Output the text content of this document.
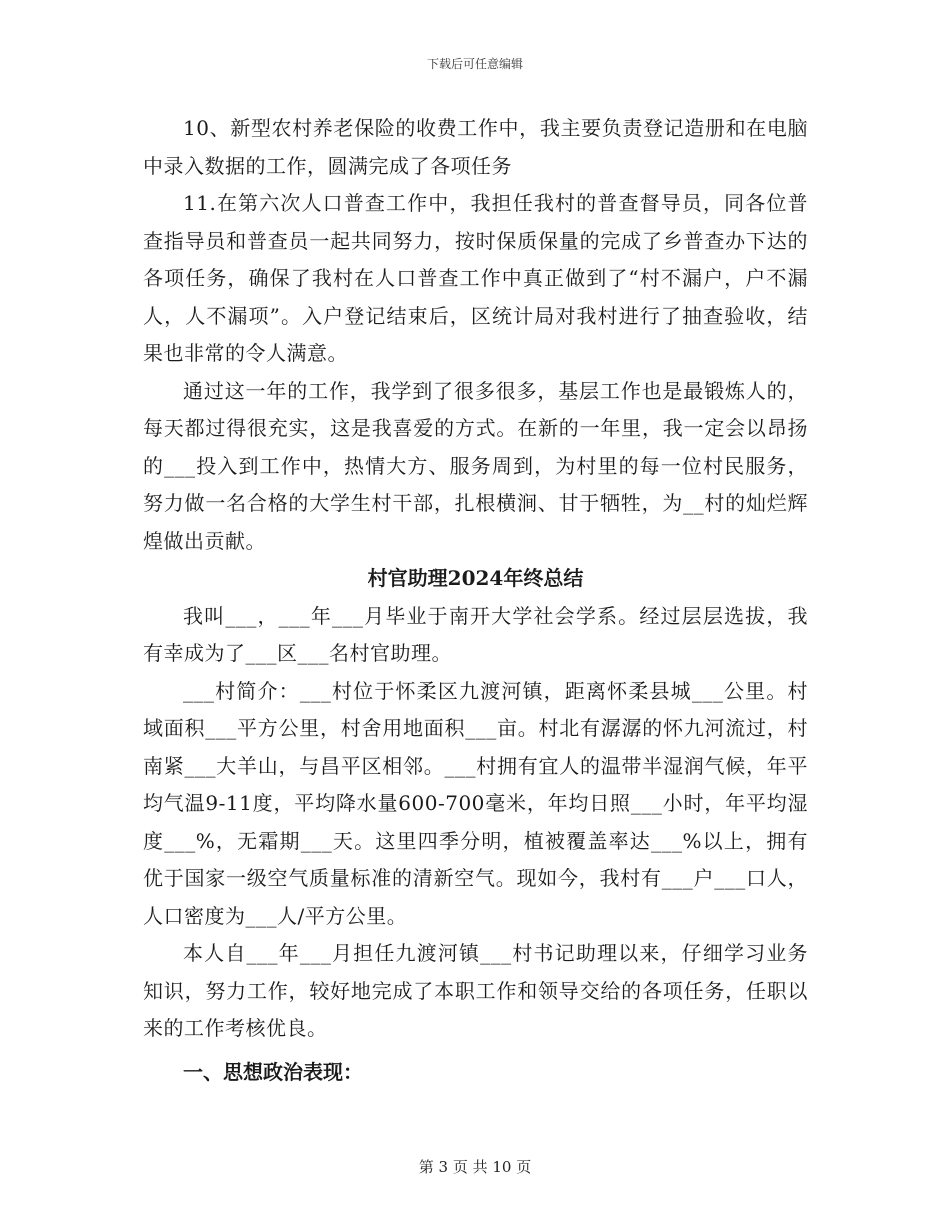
下载后可任意编辑

10、新型农村养老保险的收费工作中，我主要负责登记造册和在电脑中录入数据的工作，圆满完成了各项任务

11.在第六次人口普查工作中，我担任我村的普查督导员，同各位普查指导员和普查员一起共同努力，按时保质保量的完成了乡普查办下达的各项任务，确保了我村在人口普查工作中真正做到了“村不漏户，户不漏人，人不漏项”。入户登记结束后，区统计局对我村进行了抽查验收，结果也非常的令人满意。

通过这一年的工作，我学到了很多很多，基层工作也是最锻炼人的，每天都过得很充实，这是我喜爱的方式。在新的一年里，我一定会以昂扬的___投入到工作中，热情大方、服务周到，为村里的每一位村民服务，努力做一名合格的大学生村干部，扎根横涧、甘于牺牲，为__村的灿烂辉煌做出贡献。

村官助理2024年终总结

我叫___，___年___月毕业于南开大学社会学系。经过层层选拔，我有幸成为了___区___名村官助理。

___村简介：___村位于怀柔区九渡河镇，距离怀柔县城___公里。村域面积___平方公里，村舍用地面积___亩。村北有潺潺的怀九河流过，村南紧___大羊山，与昌平区相邻。___村拥有宜人的温带半湿润气候，年平均气温9-11度，平均降水量600-700毫米，年均日照___小时，年平均湿度___%，无霜期___天。这里四季分明，植被覆盖率达___%以上，拥有优于国家一级空气质量标准的清新空气。现如今，我村有___户___口人，人口密度为___人/平方公里。

本人自___年___月担任九渡河镇___村书记助理以来，仔细学习业务知识，努力工作，较好地完成了本职工作和领导交给的各项任务，任职以来的工作考核优良。

一、思想政治表现：
第 3 页 共 10 页
